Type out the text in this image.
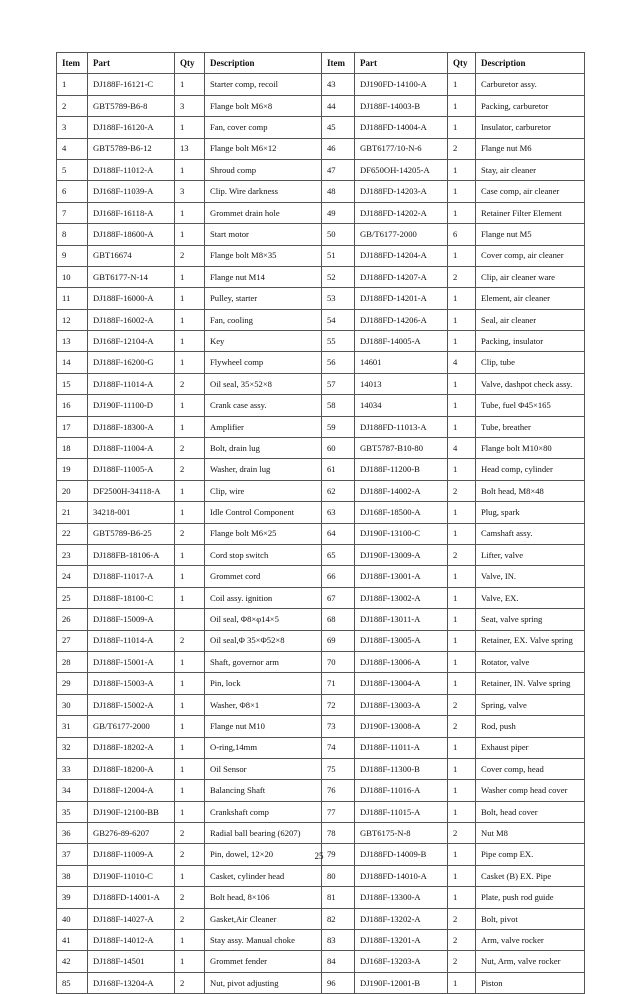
Item	Part	Qty	Description	Item	Part	Qty	Description
1	DJ188F-16121-C	1	Starter comp, recoil	43	DJ190FD-14100-A	1	Carburetor assy.
2	GBT5789-B6-8	3	Flange bolt M6×8	44	DJ188F-14003-B	1	Packing, carburetor
3	DJ188F-16120-A	1	Fan, cover comp	45	DJ188FD-14004-A	1	Insulator, carburetor
4	GBT5789-B6-12	13	Flange bolt M6×12	46	GBT6177/10-N-6	2	Flange nut M6
5	DJ188F-11012-A	1	Shroud comp	47	DF650OH-14205-A	1	Stay, air cleaner
6	DJ168F-11039-A	3	Clip. Wire darkness	48	DJ188FD-14203-A	1	Case comp, air cleaner
7	DJ168F-16118-A	1	Grommet drain hole	49	DJ188FD-14202-A	1	Retainer Filter Element
8	DJ188F-18600-A	1	Start motor	50	GB/T6177-2000	6	Flange nut M5
9	GBT16674	2	Flange bolt M8×35	51	DJ188FD-14204-A	1	Cover comp, air cleaner
10	GBT6177-N-14	1	Flange nut M14	52	DJ188FD-14207-A	2	Clip, air cleaner ware
11	DJ188F-16000-A	1	Pulley, starter	53	DJ188FD-14201-A	1	Element, air cleaner
12	DJ188F-16002-A	1	Fan, cooling	54	DJ188FD-14206-A	1	Seal, air cleaner
13	DJ168F-12104-A	1	Key	55	DJ188F-14005-A	1	Packing, insulator
14	DJ188F-16200-G	1	Flywheel comp	56	14601	4	Clip, tube
15	DJ188F-11014-A	2	Oil seal, 35×52×8	57	14013	1	Valve, dashpot check assy.
16	DJ190F-11100-D	1	Crank case assy.	58	14034	1	Tube, fuel Φ45×165
17	DJ188F-18300-A	1	Amplifier	59	DJ188FD-11013-A	1	Tube, breather
18	DJ188F-11004-A	2	Bolt, drain lug	60	GBT5787-B10-80	4	Flange bolt M10×80
19	DJ188F-11005-A	2	Washer, drain lug	61	DJ188F-11200-B	1	Head comp, cylinder
20	DF2500H-34118-A	1	Clip, wire	62	DJ188F-14002-A	2	Bolt head, M8×48
21	34218-001	1	Idle Control Component	63	DJ168F-18500-A	1	Plug, spark
22	GBT5789-B6-25	2	Flange bolt M6×25	64	DJ190F-13100-C	1	Camshaft assy.
23	DJ188FB-18106-A	1	Cord stop switch	65	DJ190F-13009-A	2	Lifter, valve
24	DJ188F-11017-A	1	Grommet cord	66	DJ188F-13001-A	1	Valve, IN.
25	DJ188F-18100-C	1	Coil assy. ignition	67	DJ188F-13002-A	1	Valve, EX.
26	DJ188F-15009-A		Oil seal, Φ8×φ14×5	68	DJ188F-13011-A	1	Seat, valve spring
27	DJ188F-11014-A	2	Oil seal,Φ 35×Φ52×8	69	DJ188F-13005-A	1	Retainer, EX. Valve spring
28	DJ188F-15001-A	1	Shaft, governor arm	70	DJ188F-13006-A	1	Rotator, valve
29	DJ188F-15003-A	1	Pin, lock	71	DJ188F-13004-A	1	Retainer, IN. Valve spring
30	DJ188F-15002-A	1	Washer, Φ8×1	72	DJ188F-13003-A	2	Spring, valve
31	GB/T6177-2000	1	Flange nut M10	73	DJ190F-13008-A	2	Rod, push
32	DJ188F-18202-A	1	O-ring,14mm	74	DJ188F-11011-A	1	Exhaust piper
33	DJ188F-18200-A	1	Oil Sensor	75	DJ188F-11300-B	1	Cover comp, head
34	DJ188F-12004-A	1	Balancing Shaft	76	DJ188F-11016-A	1	Washer comp head cover
35	DJ190F-12100-BB	1	Crankshaft comp	77	DJ188F-11015-A	1	Bolt, head cover
36	GB276-89-6207	2	Radial ball bearing (6207)	78	GBT6175-N-8	2	Nut M8
37	DJ188F-11009-A	2	Pin, dowel, 12×20	79	DJ188FD-14009-B	1	Pipe comp EX.
38	DJ190F-11010-C	1	Casket, cylinder head	80	DJ188FD-14010-A	1	Casket (B) EX. Pipe
39	DJ188FD-14001-A	2	Bolt head, 8×106	81	DJ188F-13300-A	1	Plate, push rod guide
40	DJ188F-14027-A	2	Gasket,Air Cleaner	82	DJ188F-13202-A	2	Bolt, pivot
41	DJ188F-14012-A	1	Stay assy. Manual choke	83	DJ188F-13201-A	2	Arm, valve rocker
42	DJ188F-14501	1	Grommet fender	84	DJ168F-13203-A	2	Nut, Arm, valve rocker
85	DJ168F-13204-A	2	Nut, pivot adjusting	96	DJ190F-12001-B	1	Piston
25
